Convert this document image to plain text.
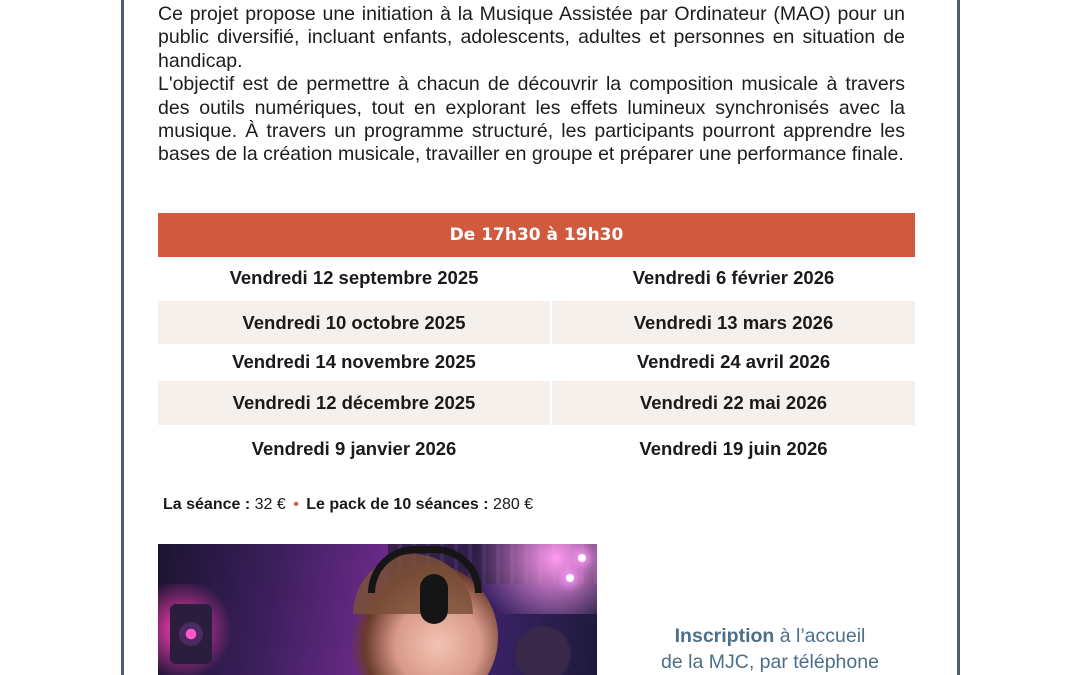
Ce projet propose une initiation à la Musique Assistée par Ordinateur (MAO) pour un public diversifié, incluant enfants, adolescents, adultes et personnes en situation de handicap.

L'objectif est de permettre à chacun de découvrir la composition musicale à travers des outils numériques, tout en explorant les effets lumineux synchronisés avec la musique. À travers un programme structuré, les participants pourront apprendre les bases de la création musicale, travailler en groupe et préparer une performance finale.

De 17h30 à 19h30
Vendredi 12 septembre 2025	Vendredi 6 février 2026
Vendredi 10 octobre 2025	Vendredi 13 mars 2026
Vendredi 14 novembre 2025	Vendredi 24 avril 2026
Vendredi 12 décembre 2025	Vendredi 22 mai 2026
Vendredi 9 janvier 2026	Vendredi 19 juin 2026
La séance : 32 € • Le pack de 10 séances : 280 €
Inscription à l’accueil
de la MJC, par téléphone
